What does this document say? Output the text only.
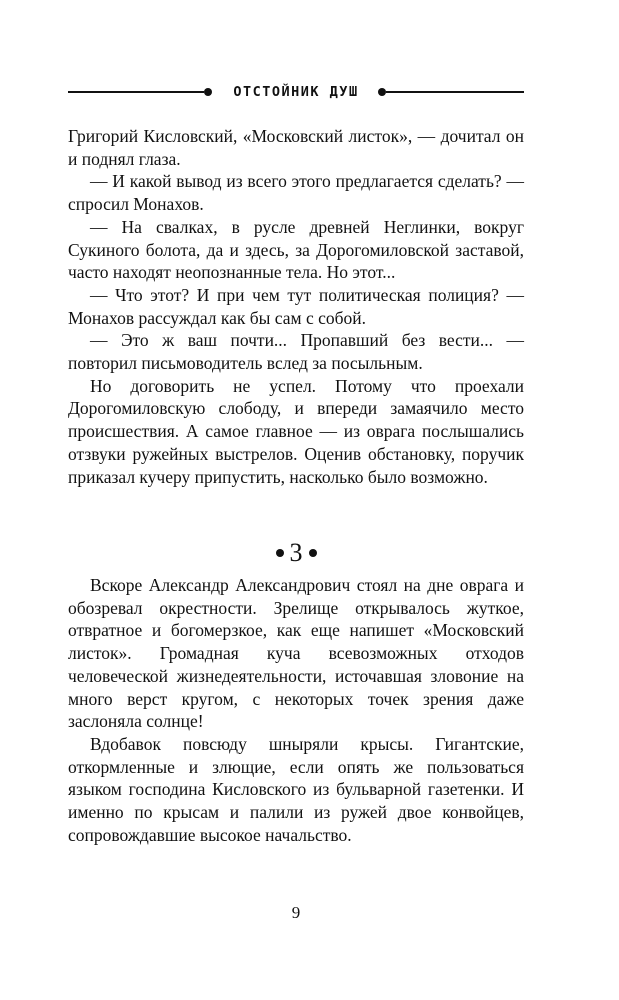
ОТСТОЙНИК ДУШ

Григорий Кисловский, «Московский листок», — дочитал он и поднял глаза.

— И какой вывод из всего этого предлагается сделать? — спросил Монахов.

— На свалках, в русле древней Неглинки, вокруг Сукиного болота, да и здесь, за Дорогомиловской заставой, часто находят неопознанные тела. Но этот...

— Что этот? И при чем тут политическая полиция? — Монахов рассуждал как бы сам с собой.

— Это ж ваш почти... Пропавший без вести... — повторил письмоводитель вслед за посыльным.

Но договорить не успел. Потому что проехали Дорогомиловскую слободу, и впереди замаячило место происшествия. А самое главное — из оврага послышались отзвуки ружейных выстрелов. Оценив обстановку, поручик приказал кучеру припустить, насколько было возможно.

3

Вскоре Александр Александрович стоял на дне оврага и обозревал окрестности. Зрелище открывалось жуткое, отвратное и богомерзкое, как еще напишет «Московский листок». Громадная куча всевозможных отходов человеческой жизнедеятельности, источавшая зловоние на много верст кругом, с некоторых точек зрения даже заслоняла солнце!

Вдобавок повсюду шныряли крысы. Гигантские, откормленные и злющие, если опять же пользоваться языком господина Кисловского из бульварной газетенки. И именно по крысам и палили из ружей двое конвойцев, сопровождавшие высокое начальство.

9
